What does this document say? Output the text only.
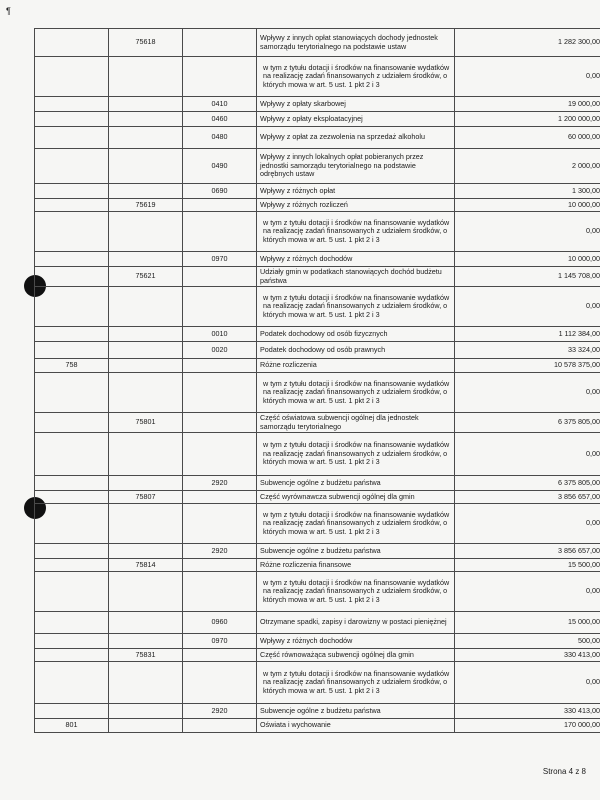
¶
	75618		Wpływy z innych opłat stanowiących dochody jednostek samorządu terytorialnego na podstawie ustaw	1 282 300,00
			w tym z tytułu dotacji i środków na finansowanie wydatków na realizację zadań finansowanych z udziałem środków, o których mowa w art. 5 ust. 1 pkt 2 i 3	0,00
		0410	Wpływy z opłaty skarbowej	19 000,00
		0460	Wpływy z opłaty eksploatacyjnej	1 200 000,00
		0480	Wpływy z opłat za zezwolenia na sprzedaż alkoholu	60 000,00
		0490	Wpływy z innych lokalnych opłat pobieranych przez jednostki samorządu terytorialnego na podstawie odrębnych ustaw	2 000,00
		0690	Wpływy z różnych opłat	1 300,00
	75619		Wpływy z różnych rozliczeń	10 000,00
			w tym z tytułu dotacji i środków na finansowanie wydatków na realizację zadań finansowanych z udziałem środków, o których mowa w art. 5 ust. 1 pkt 2 i 3	0,00
		0970	Wpływy z różnych dochodów	10 000,00
	75621		Udziały gmin w podatkach stanowiących dochód budżetu państwa	1 145 708,00
			w tym z tytułu dotacji i środków na finansowanie wydatków na realizację zadań finansowanych z udziałem środków, o których mowa w art. 5 ust. 1 pkt 2 i 3	0,00
		0010	Podatek dochodowy od osób fizycznych	1 112 384,00
		0020	Podatek dochodowy od osób prawnych	33 324,00
758			Różne rozliczenia	10 578 375,00
			w tym z tytułu dotacji i środków na finansowanie wydatków na realizację zadań finansowanych z udziałem środków, o których mowa w art. 5 ust. 1 pkt 2 i 3	0,00
	75801		Część oświatowa subwencji ogólnej dla jednostek samorządu terytorialnego	6 375 805,00
			w tym z tytułu dotacji i środków na finansowanie wydatków na realizację zadań finansowanych z udziałem środków, o których mowa w art. 5 ust. 1 pkt 2 i 3	0,00
		2920	Subwencje ogólne z budżetu państwa	6 375 805,00
	75807		Część wyrównawcza subwencji ogólnej dla gmin	3 856 657,00
			w tym z tytułu dotacji i środków na finansowanie wydatków na realizację zadań finansowanych z udziałem środków, o których mowa w art. 5 ust. 1 pkt 2 i 3	0,00
		2920	Subwencje ogólne z budżetu państwa	3 856 657,00
	75814		Różne rozliczenia finansowe	15 500,00
			w tym z tytułu dotacji i środków na finansowanie wydatków na realizację zadań finansowanych z udziałem środków, o których mowa w art. 5 ust. 1 pkt 2 i 3	0,00
		0960	Otrzymane spadki, zapisy i darowizny w postaci pieniężnej	15 000,00
		0970	Wpływy z różnych dochodów	500,00
	75831		Część równoważąca subwencji ogólnej dla gmin	330 413,00
			w tym z tytułu dotacji i środków na finansowanie wydatków na realizację zadań finansowanych z udziałem środków, o których mowa w art. 5 ust. 1 pkt 2 i 3	0,00
		2920	Subwencje ogólne z budżetu państwa	330 413,00
801			Oświata i wychowanie	170 000,00
Strona 4 z 8
